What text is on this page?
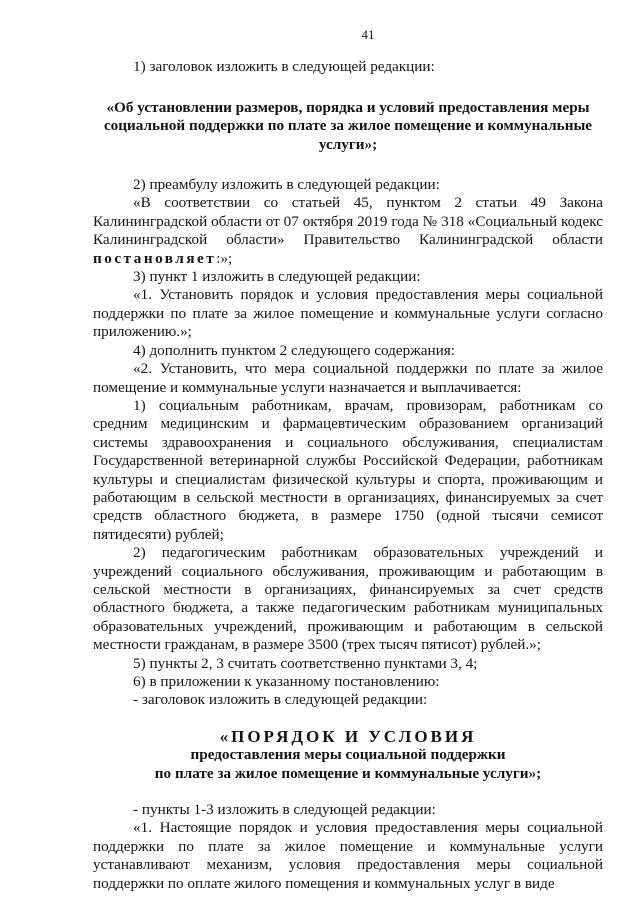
41

1) заголовок изложить в следующей редакции:

«Об установлении размеров, порядка и условий предоставления меры социальной поддержки по плате за жилое помещение и коммунальные услуги»;

2) преамбулу изложить в следующей редакции:

«В соответствии со статьей 45, пунктом 2 статьи 49 Закона Калининградской области от 07 октября 2019 года № 318 «Социальный кодекс Калининградской области» Правительство Калининградской области постановляет:»;

3) пункт 1 изложить в следующей редакции:

«1. Установить порядок и условия предоставления меры социальной поддержки по плате за жилое помещение и коммунальные услуги согласно приложению.»;

4) дополнить пунктом 2 следующего содержания:

«2. Установить, что мера социальной поддержки по плате за жилое помещение и коммунальные услуги назначается и выплачивается:

1) социальным работникам, врачам, провизорам, работникам со средним медицинским и фармацевтическим образованием организаций системы здравоохранения и социального обслуживания, специалистам Государственной ветеринарной службы Российской Федерации, работникам культуры и специалистам физической культуры и спорта, проживающим и работающим в сельской местности в организациях, финансируемых за счет средств областного бюджета, в размере 1750 (одной тысячи семисот пятидесяти) рублей;

2) педагогическим работникам образовательных учреждений и учреждений социального обслуживания, проживающим и работающим в сельской местности в организациях, финансируемых за счет средств областного бюджета, а также педагогическим работникам муниципальных образовательных учреждений, проживающим и работающим в сельской местности гражданам, в размере 3500 (трех тысяч пятисот) рублей.»;

5) пункты 2, 3 считать соответственно пунктами 3, 4;

6) в приложении к указанному постановлению:

- заголовок изложить в следующей редакции:

«ПОРЯДОК И УСЛОВИЯ

предоставления меры социальной поддержки

по плате за жилое помещение и коммунальные услуги»;

- пункты 1-3 изложить в следующей редакции:

«1. Настоящие порядок и условия предоставления меры социальной поддержки по плате за жилое помещение и коммунальные услуги устанавливают механизм, условия предоставления меры социальной поддержки по оплате жилого помещения и коммунальных услуг в виде
